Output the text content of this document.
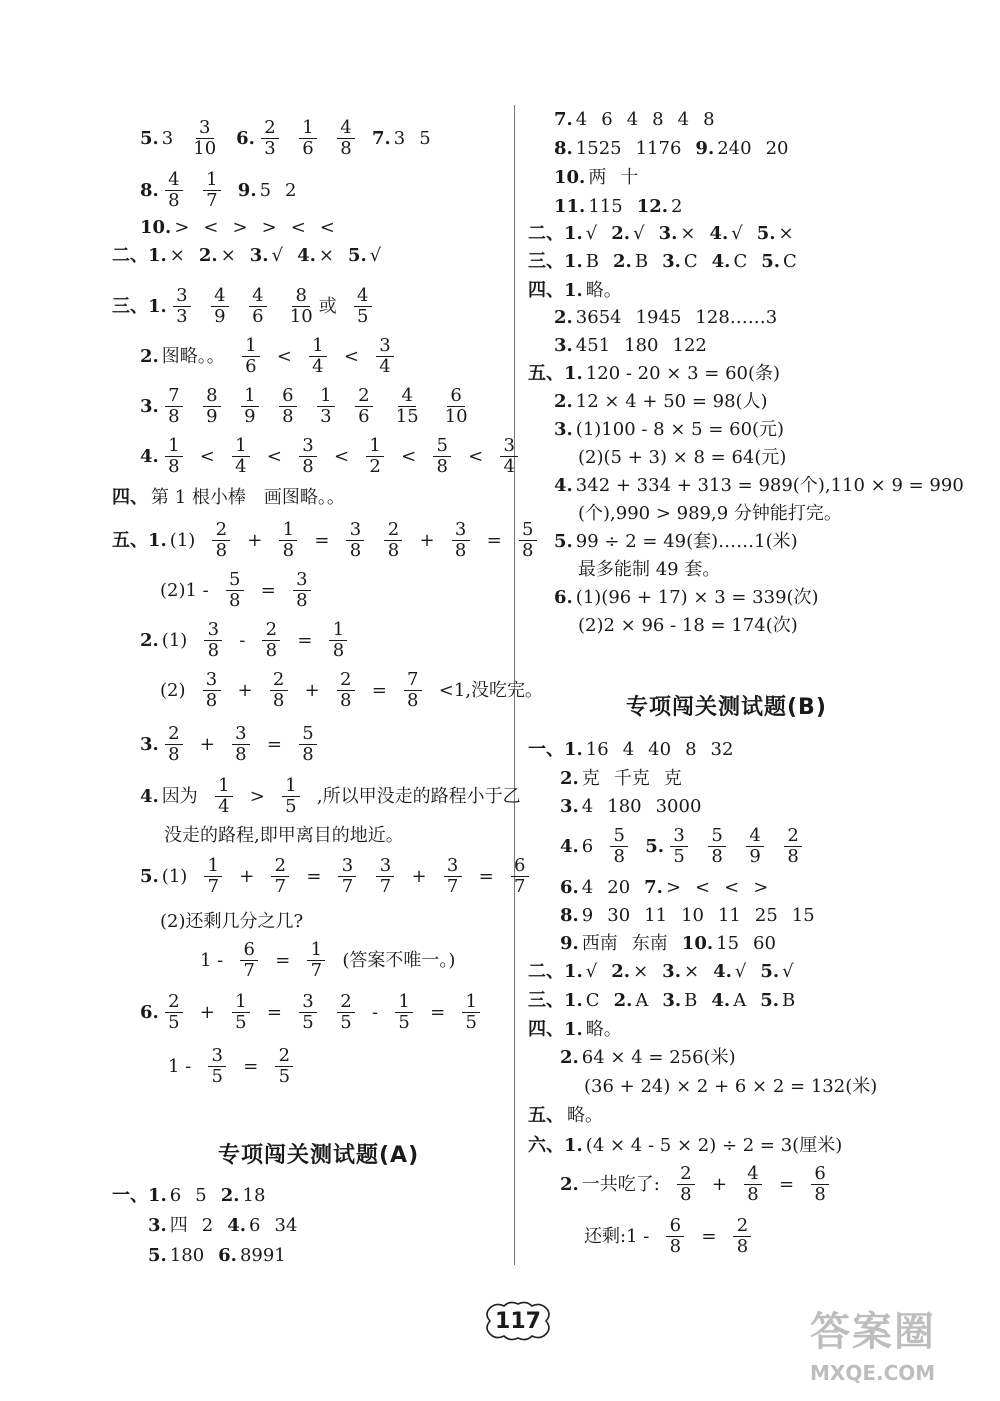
5. $3 \frac{3}{10} 6$. $\frac{2}{3} \frac{1}{6} \frac{4}{8} 7$. 3 5
8. $\frac{4}{8} \frac{1}{7} 9$. 5 2
10. > < > > < <
二、1. × 2. × 3. √ 4. × 5. √
三、1. $\frac{3}{3} \frac{4}{9} \frac{4}{6} \frac{8}{10}$ 或 $\frac{4}{5}$
2. 图略。。 $\frac{1}{6} < \frac{1}{4} < \frac{3}{4}$
3. $\frac{7}{8} \frac{8}{9} \frac{1}{9} \frac{6}{8} \frac{1}{3} \frac{2}{6} \frac{4}{15} \frac{6}{10}$
4. $\frac{1}{8} < \frac{1}{4} < \frac{3}{8} < \frac{1}{2} < \frac{5}{8} < \frac{3}{4}$
四、 第 1 根小棒　画图略。。
五、1. $(1) \frac{2}{8} + \frac{1}{8} = \frac{3}{8} \frac{2}{8} + \frac{3}{8} = \frac{5}{8}$
$(2)1 - \frac{5}{8} = \frac{3}{8}$
2. $(1) \frac{3}{8} - \frac{2}{8} = \frac{1}{8}$
$(2) \frac{3}{8} + \frac{2}{8} + \frac{2}{8} = \frac{7}{8} <1$,没吃完。
3. $\frac{2}{8} + \frac{3}{8} = \frac{5}{8}$
4. 因为 $\frac{1}{4} > \frac{1}{5}$ ,所以甲没走的路程小于乙
没走的路程,即甲离目的地近。
5. $(1) \frac{1}{7} + \frac{2}{7} = \frac{3}{7} \frac{3}{7} + \frac{3}{7} = \frac{6}{7}$
(2)还剩几分之几?
$1 - \frac{6}{7} = \frac{1}{7}$ (答案不唯一。)
6. $\frac{2}{5} + \frac{1}{5} = \frac{3}{5} \frac{2}{5} - \frac{1}{5} = \frac{1}{5}$
$1 - \frac{3}{5} = \frac{2}{5}$
一、1. 6 5 2. 18
3. 四 2 4. 6 34
5. 180 6. 8991
7. 4 6 4 8 4 8
8. 1525 1176 9. 240 20
10. 两 十
11. 115 12. 2
二、1. √ 2. √ 3. × 4. √ 5. ×
三、1. B 2. B 3. C 4. C 5. C
四、1. 略。
2. 3654 1945 128……3
3. 451 180 122
五、1. 120 - 20 × 3 = 60(条)
2. 12 × 4 + 50 = 98(人)
3. (1)100 - 8 × 5 = 60(元)
(2)(5 + 3) × 8 = 64(元)
4. 342 + 334 + 313 = 989(个),110 × 9 = 990
(个),990 > 989,9 分钟能打完。
5. 99 ÷ 2 = 49(套)……1(米)
最多能制 49 套。
6. (1)(96 + 17) × 3 = 339(次)
(2)2 × 96 - 18 = 174(次)
一、1. 16 4 40 8 32
2. 克 千克 克
3. 4 180 3000
4. $6 \frac{5}{8} 5$. $\frac{3}{5} \frac{5}{8} \frac{4}{9} \frac{2}{8}$
6. 4 20 7. > < < >
8. 9 30 11 10 11 25 15
9. 西南 东南 10. 15 60
二、1. √ 2. × 3. × 4. √ 5. √
三、1. C 2. A 3. B 4. A 5. B
四、1. 略。
2. 64 × 4 = 256(米)
(36 + 24) × 2 + 6 × 2 = 132(米)
五、 略。
六、1. (4 × 4 - 5 × 2) ÷ 2 = 3(厘米)
2. 一共吃了: $\frac{2}{8} + \frac{4}{8} = \frac{6}{8}$
还剩:1 - $\frac{6}{8} = \frac{2}{8}$
专项闯关测试题(A)
专项闯关测试题(B)
117	答案圈
MXQE.COM
